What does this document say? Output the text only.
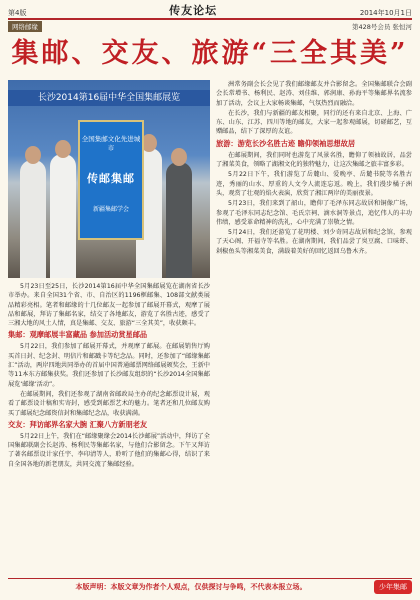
第4版	传友论坛	2014年10月1日
网络邮缘	第428号会员 张恒河
集邮、交友、旅游“三全其美”
长沙2014第16届中华全国集邮展览
全国集邮文化先进城市
传邮集邮
新疆集邮学会

5月23日至25日，长沙2014第16届中华全国集邮展览在湖南省长沙市举办。来自全国31个省、市、自治区的1196框邮集、108部文献类展品精彩亮相。笔者和邮缘的十几位邮友一起参加了邮展开幕式，观摩了展品和邮展，拜访了集邮名家，结交了各地邮友，游览了名胜古迹，感受了三湘大地的风土人情，真是集邮、交友、旅游“三全其美”，收获颇丰。

集邮：观摩邮展丰富藏品 参加活动赏星邮品

5月22日，我们参加了邮展开幕式，并观摩了邮展。在邮展销售厅购买首日封、纪念封、明信片和邮戳卡等纪念品。同时，还参加了“邮缘集邮汇”活动，两岸四地共同举办的首届中国普通邮票网络邮展颁奖会，王新中等11本东方邮集获奖。我们还参加了长沙邮友组织的“长沙2014全国集邮展览‘邮缘’活动”。

在邮展期间，我们还参观了湖南省邮政局主办的纪念邮票设计展，观看了邮票设计稿和实寄封，感受到邮票艺术的魅力。笔者还和几位邮友购买了邮展纪念邮资信封和集邮纪念品，收获满满。

交友：拜访邮界名家大腕 汇聚八方新朋老友

5月22日上午，我们在“邮缘聚缘会2014长沙邮展”活动中，拜访了全国集邮联副会长赵涛、杨利民等集邮名家，与他们合影留念。下午又拜访了著名邮票设计家任宇、李印清等人，聆听了他们的集邮心得，结识了来自全国各地的新老朋友，共同交流了集邮经验。

洲常务副会长会见了我们邮缘邮友并合影留念。全国集邮联合会副会长常增书、杨利民、赵涛、刘佳维、郭润康、孙海平等集邮界名流参加了活动，会议上大家畅谈集邮，气氛热烈而融洽。

在长沙，我们与新疆的邮友相聚，同行的还有来自北京、上海、广东、山东、江苏、四川等地的邮友，大家一起参观邮展，切磋邮艺，互赠邮品，结下了深厚的友谊。

旅游：游览长沙名胜古迹 瞻仰领袖思想故居

在邮展期间，我们同时也游览了风景名胜，瞻仰了领袖故居，品尝了湘菜美食，领略了湖湘文化的独特魅力，让这次集邮之旅丰富多彩。

5月22日下午，我们游览了岳麓山、爱晚亭、岳麓书院等名胜古迹，秀丽的山水、厚重的人文令人流连忘返。晚上，我们漫步橘子洲头，观赏了壮观的焰火表演，欣赏了湘江两岸的美丽夜景。

5月23日，我们来到了韶山，瞻仰了毛泽东同志故居和铜像广场，参观了毛泽东同志纪念馆、毛氏宗祠、滴水洞等景点，追忆伟人的丰功伟绩，感受革命精神的洗礼，心中充满了崇敬之情。

5月24日，我们还游览了花明楼、刘少奇同志故居和纪念馆，参观了天心阁、开福寺等名胜。在湖南期间，我们品尝了臭豆腐、口味虾、剁椒鱼头等湘菜美食，满载着美好的回忆返回乌鲁木齐。

本版声明：本版文章为作者个人观点，仅供探讨与争鸣，不代表本报立场。	少年集邮
